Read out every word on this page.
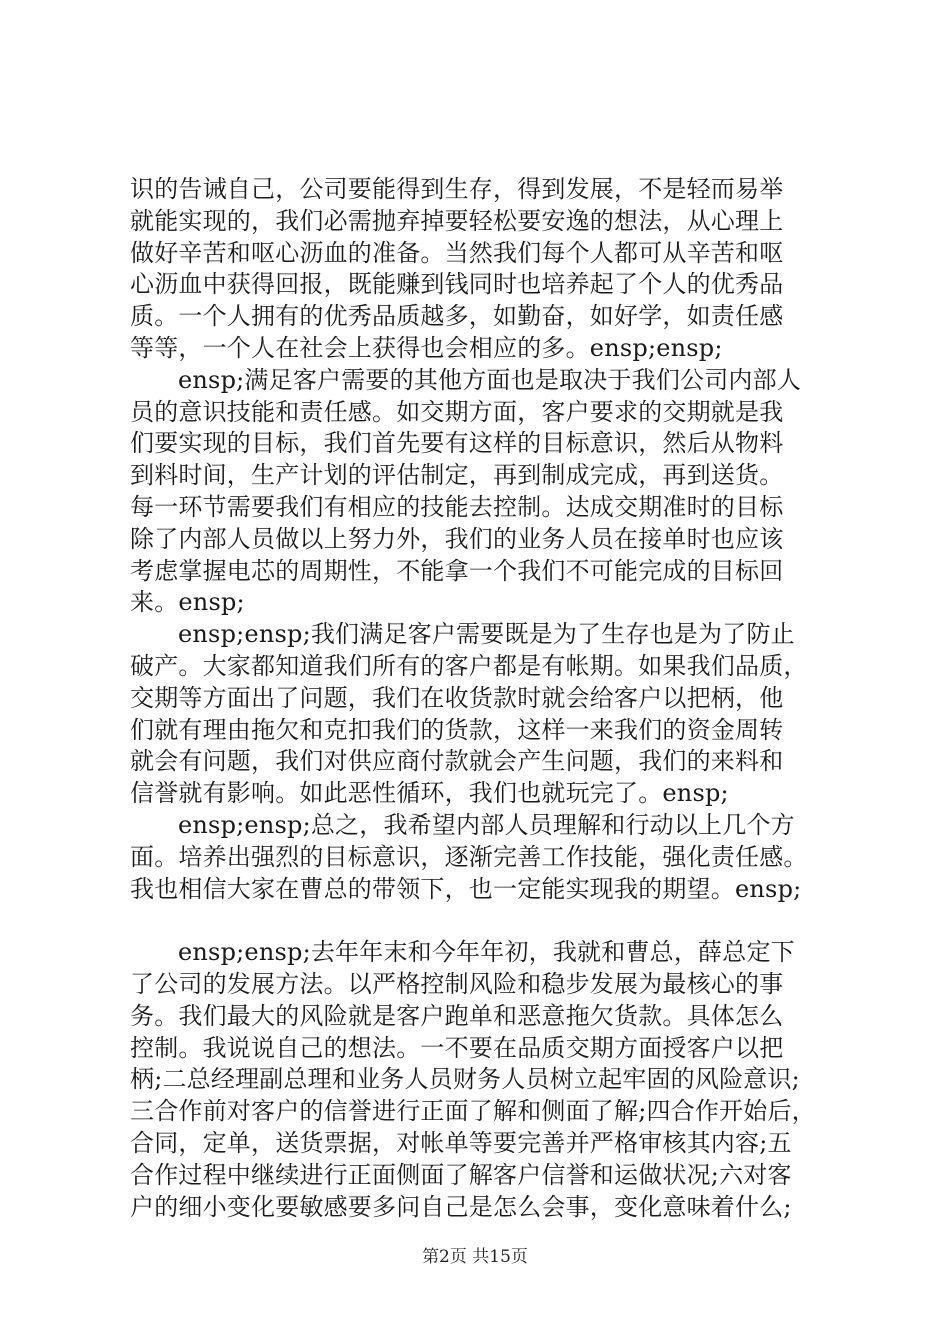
识的告诫自己，公司要能得到生存，得到发展，不是轻而易举
就能实现的，我们必需抛弃掉要轻松要安逸的想法，从心理上
做好辛苦和呕心沥血的准备。当然我们每个人都可从辛苦和呕
心沥血中获得回报，既能赚到钱同时也培养起了个人的优秀品
质。一个人拥有的优秀品质越多，如勤奋，如好学，如责任感
等等，一个人在社会上获得也会相应的多。ensp;ensp;
ensp;满足客户需要的其他方面也是取决于我们公司内部人
员的意识技能和责任感。如交期方面，客户要求的交期就是我
们要实现的目标，我们首先要有这样的目标意识，然后从物料
到料时间，生产计划的评估制定，再到制成完成，再到送货。
每一环节需要我们有相应的技能去控制。达成交期准时的目标
除了内部人员做以上努力外，我们的业务人员在接单时也应该
考虑掌握电芯的周期性，不能拿一个我们不可能完成的目标回
来。ensp;
ensp;ensp;我们满足客户需要既是为了生存也是为了防止
破产。大家都知道我们所有的客户都是有帐期。如果我们品质，
交期等方面出了问题，我们在收货款时就会给客户以把柄，他
们就有理由拖欠和克扣我们的货款，这样一来我们的资金周转
就会有问题，我们对供应商付款就会产生问题，我们的来料和
信誉就有影响。如此恶性循环，我们也就玩完了。ensp;
ensp;ensp;总之，我希望内部人员理解和行动以上几个方
面。培养出强烈的目标意识，逐渐完善工作技能，强化责任感。
我也相信大家在曹总的带领下，也一定能实现我的期望。ensp;
ensp;ensp;去年年末和今年年初，我就和曹总，薛总定下
了公司的发展方法。以严格控制风险和稳步发展为最核心的事
务。我们最大的风险就是客户跑单和恶意拖欠货款。具体怎么
控制。我说说自己的想法。一不要在品质交期方面授客户以把
柄;二总经理副总理和业务人员财务人员树立起牢固的风险意识;
三合作前对客户的信誉进行正面了解和侧面了解;四合作开始后，
合同，定单，送货票据，对帐单等要完善并严格审核其内容;五
合作过程中继续进行正面侧面了解客户信誉和运做状况;六对客
户的细小变化要敏感要多问自己是怎么会事，变化意味着什么;
第2页 共15页
